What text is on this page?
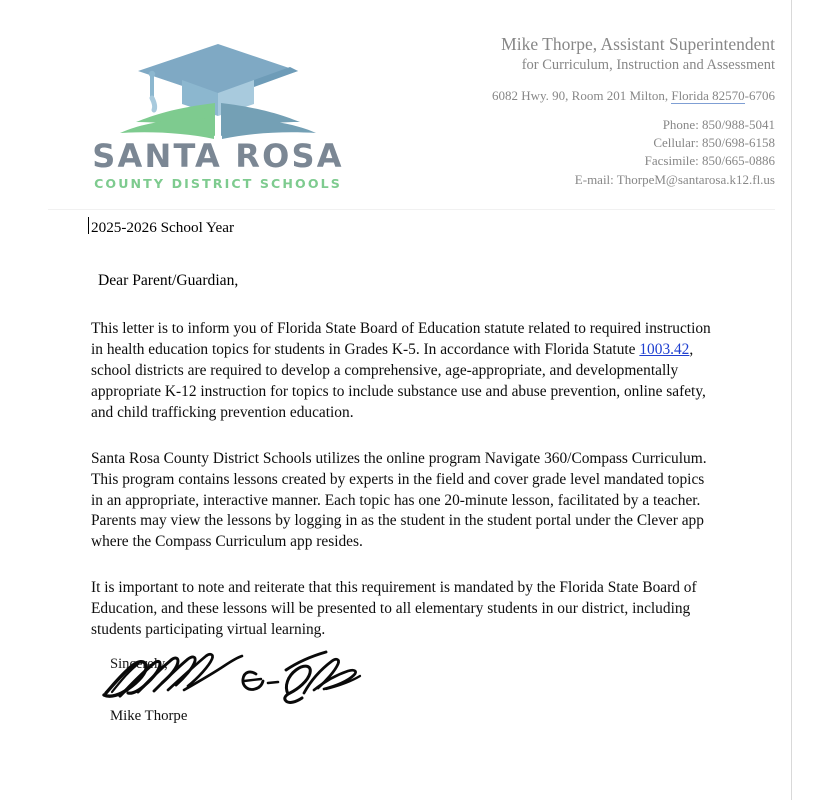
SANTA ROSA
COUNTY DISTRICT SCHOOLS
Mike Thorpe, Assistant Superintendent
for Curriculum, Instruction and Assessment
6082 Hwy. 90, Room 201 Milton, Florida 82570-6706
Phone: 850/988-5041
Cellular: 850/698-6158
Facsimile: 850/665-0886
E-mail: ThorpeM@santarosa.k12.fl.us
2025-2026 School Year
Dear Parent/Guardian,
This letter is to inform you of Florida State Board of Education statute related to required instruction in health education topics for students in Grades K-5. In accordance with Florida Statute 1003.42, school districts are required to develop a comprehensive, age-appropriate, and developmentally appropriate K-12 instruction for topics to include substance use and abuse prevention, online safety, and child trafficking prevention education.
Santa Rosa County District Schools utilizes the online program Navigate 360/Compass Curriculum. This program contains lessons created by experts in the field and cover grade level mandated topics in an appropriate, interactive manner. Each topic has one 20-minute lesson, facilitated by a teacher. Parents may view the lessons by logging in as the student in the student portal under the Clever app where the Compass Curriculum app resides.
It is important to note and reiterate that this requirement is mandated by the Florida State Board of Education, and these lessons will be presented to all elementary students in our district, including students participating virtual learning.
Sincerely,
Mike Thorpe
